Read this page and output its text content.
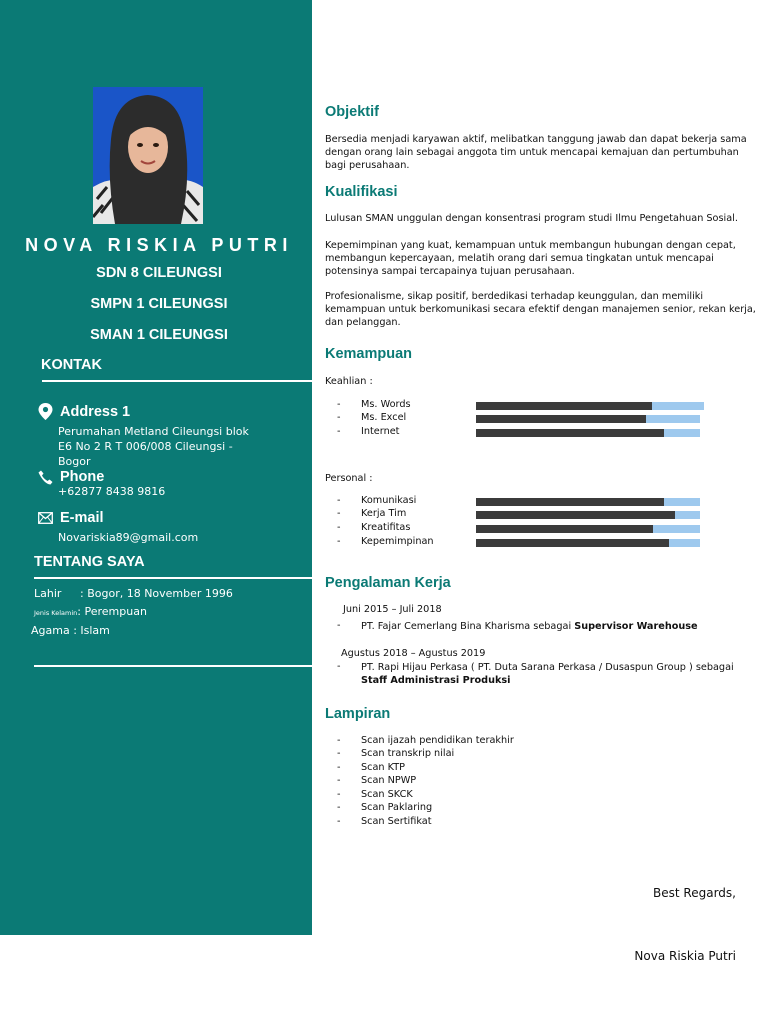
NOVA RISKIA PUTRI
SDN 8 CILEUNGSI
SMPN 1 CILEUNGSI
SMAN 1 CILEUNGSI
KONTAK
Address 1
Perumahan Metland Cileungsi blok E6 No 2 R T 006/008 Cileungsi - Bogor
Phone
+62877 8438 9816
E-mail
Novariskia89@gmail.com
TENTANG SAYA
Lahir : Bogor, 18 November 1996
Jenis Kelamin: Perempuan
Agama : Islam
Objektif
Bersedia menjadi karyawan aktif, melibatkan tanggung jawab dan dapat bekerja sama dengan orang lain sebagai anggota tim untuk mencapai kemajuan dan pertumbuhan bagi perusahaan.
Kualifikasi
Lulusan SMAN unggulan dengan konsentrasi program studi Ilmu Pengetahuan Sosial.
Kepemimpinan yang kuat, kemampuan untuk membangun hubungan dengan cepat, membangun kepercayaan, melatih orang dari semua tingkatan untuk mencapai potensinya sampai tercapainya tujuan perusahaan.
Profesionalisme, sikap positif, berdedikasi terhadap keunggulan, dan memiliki kemampuan untuk berkomunikasi secara efektif dengan manajemen senior, rekan kerja, dan pelanggan.
Kemampuan
Keahlian :
- Ms. Words
- Ms. Excel
- Internet
Personal :
- Komunikasi
- Kerja Tim
- Kreatifitas
- Kepemimpinan
Pengalaman Kerja
Juni 2015 – Juli 2018
- PT. Fajar Cemerlang Bina Kharisma sebagai Supervisor Warehouse
Agustus 2018 – Agustus 2019
- PT. Rapi Hijau Perkasa ( PT. Duta Sarana Perkasa / Dusaspun Group ) sebagai Staff Administrasi Produksi
Lampiran
- Scan ijazah pendidikan terakhir
- Scan transkrip nilai
- Scan KTP
- Scan NPWP
- Scan SKCK
- Scan Paklaring
- Scan Sertifikat
Best Regards,
Nova Riskia Putri
